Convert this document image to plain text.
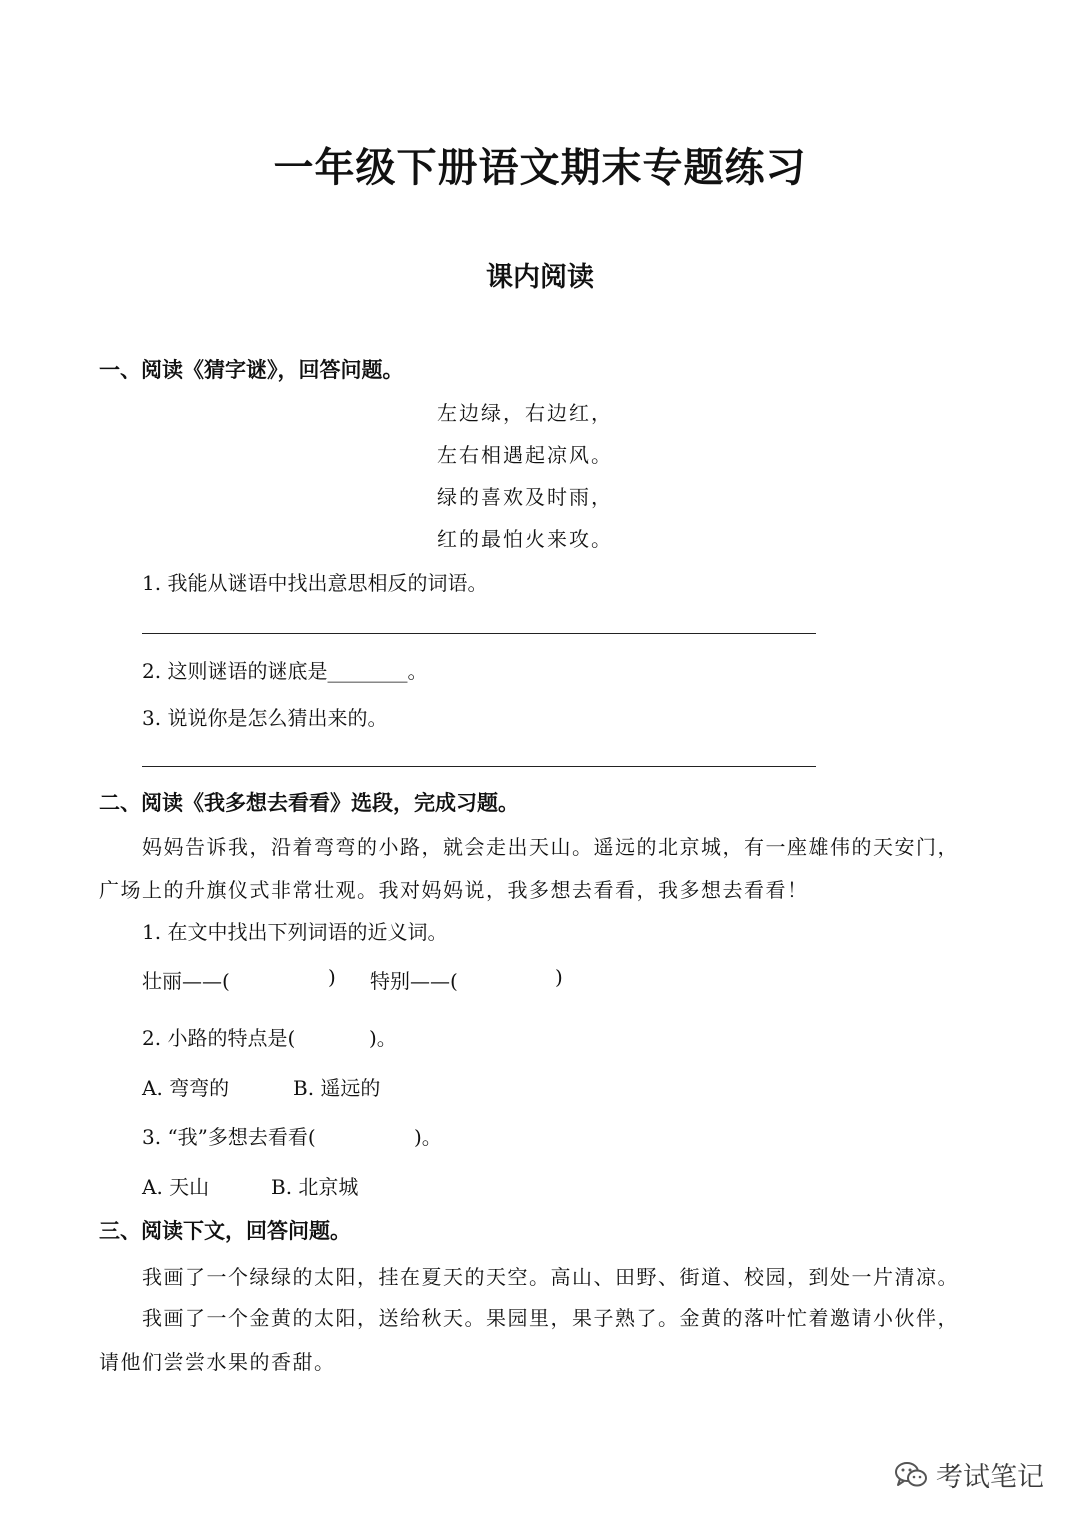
一年级下册语文期末专题练习
课内阅读
一、阅读《猜字谜》，回答问题。
左边绿，右边红，
左右相遇起凉风。
绿的喜欢及时雨，
红的最怕火来攻。
1. 我能从谜语中找出意思相反的词语。
2. 这则谜语的谜底是________。
3. 说说你是怎么猜出来的。
二、阅读《我多想去看看》选段，完成习题。
妈妈告诉我，沿着弯弯的小路，就会走出天山。遥远的北京城，有一座雄伟的天安门，
广场上的升旗仪式非常壮观。我对妈妈说，我多想去看看，我多想去看看！
1. 在文中找出下列词语的近义词。
壮丽——(	) 特别——(	)
2. 小路的特点是(	)。
A. 弯弯的	B. 遥远的
3. “我”多想去看看(	)。
A. 天山	B. 北京城
三、阅读下文，回答问题。
我画了一个绿绿的太阳，挂在夏天的天空。高山、田野、街道、校园，到处一片清凉。
我画了一个金黄的太阳，送给秋天。果园里，果子熟了。金黄的落叶忙着邀请小伙伴，
请他们尝尝水果的香甜。
考试笔记
